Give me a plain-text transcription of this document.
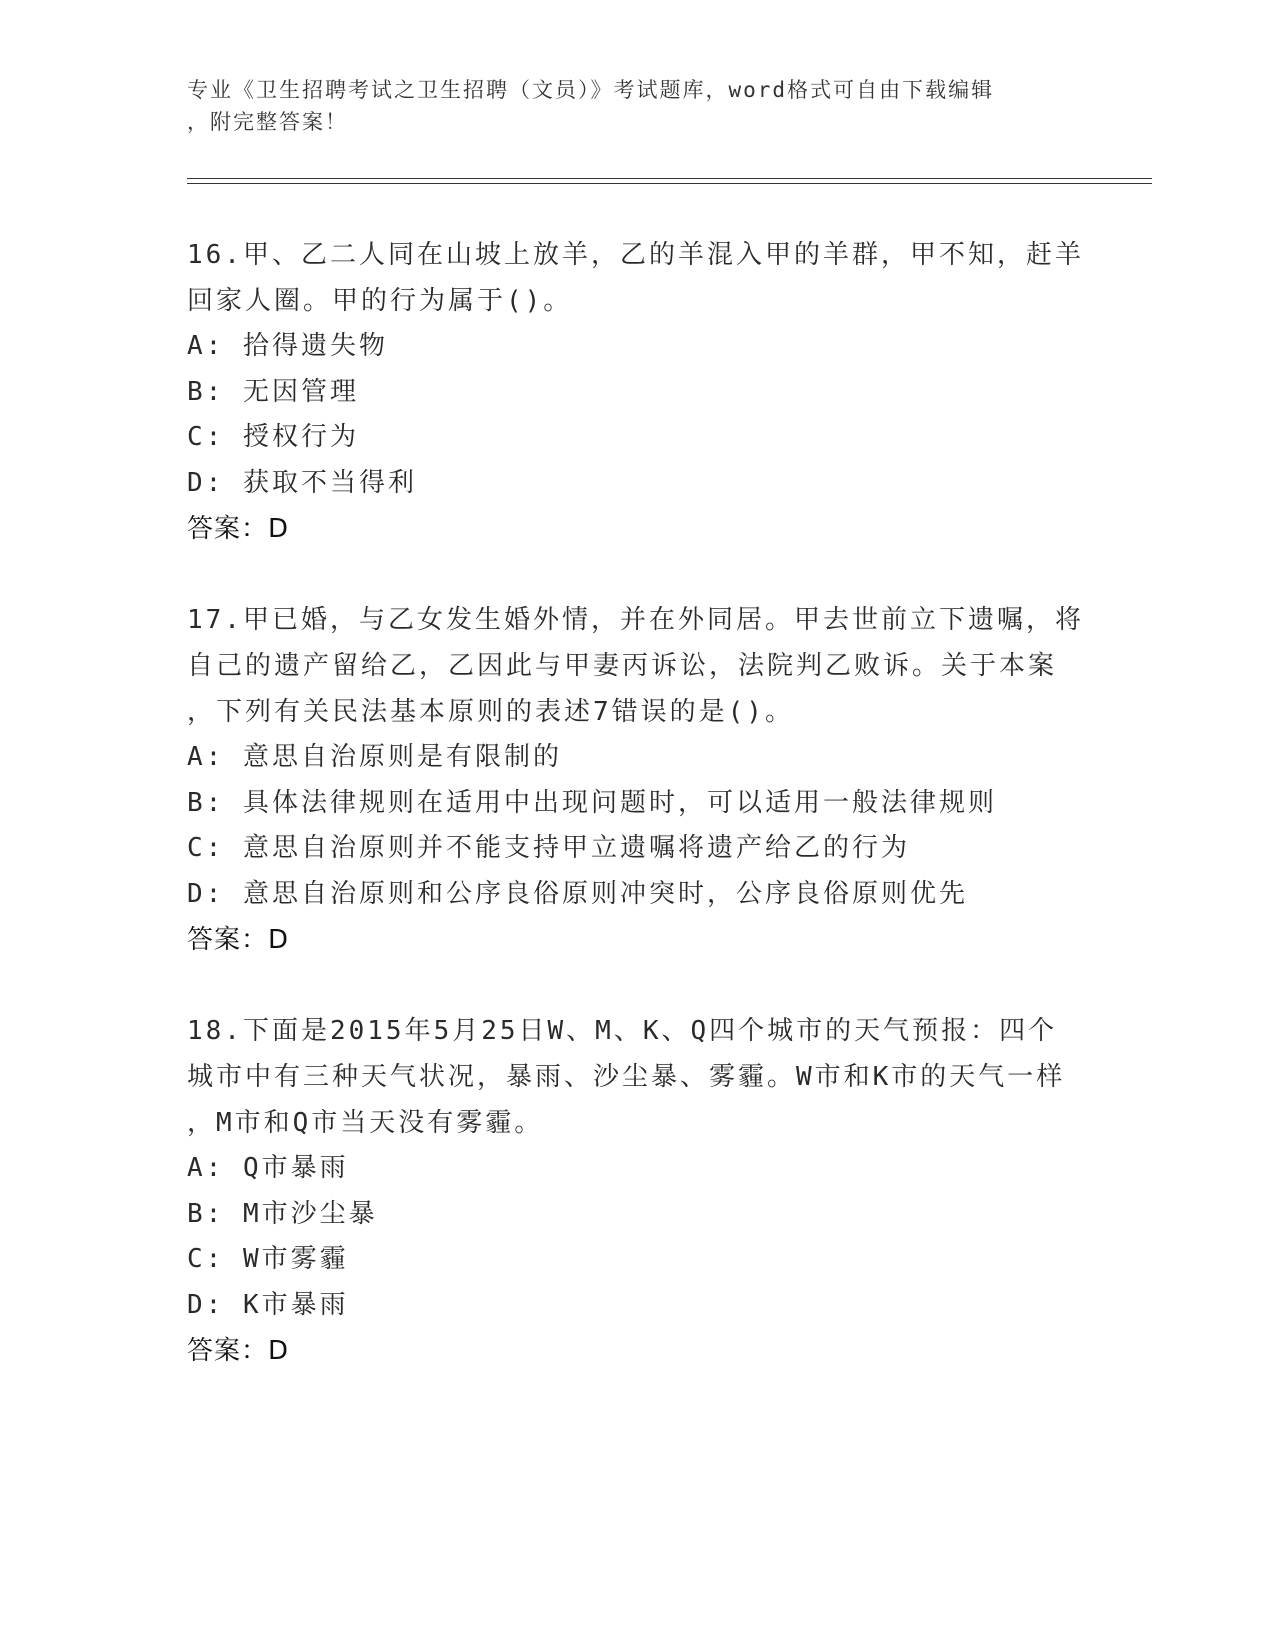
专业《卫生招聘考试之卫生招聘（文员）》考试题库，word格式可自由下载编辑
，附完整答案！

16.甲、乙二人同在山坡上放羊，乙的羊混入甲的羊群，甲不知，赶羊

回家人圈。甲的行为属于()。

A: 拾得遗失物

B: 无因管理

C: 授权行为

D: 获取不当得利

答案：D

17.甲已婚，与乙女发生婚外情，并在外同居。甲去世前立下遗嘱，将

自己的遗产留给乙，乙因此与甲妻丙诉讼，法院判乙败诉。关于本案

，下列有关民法基本原则的表述7错误的是()。

A: 意思自治原则是有限制的

B: 具体法律规则在适用中出现问题时，可以适用一般法律规则

C: 意思自治原则并不能支持甲立遗嘱将遗产给乙的行为

D: 意思自治原则和公序良俗原则冲突时，公序良俗原则优先

答案：D

18.下面是2015年5月25日W、M、K、Q四个城市的天气预报：四个

城市中有三种天气状况，暴雨、沙尘暴、雾霾。W市和K市的天气一样

，M市和Q市当天没有雾霾。

A: Q市暴雨

B: M市沙尘暴

C: W市雾霾

D: K市暴雨

答案：D
